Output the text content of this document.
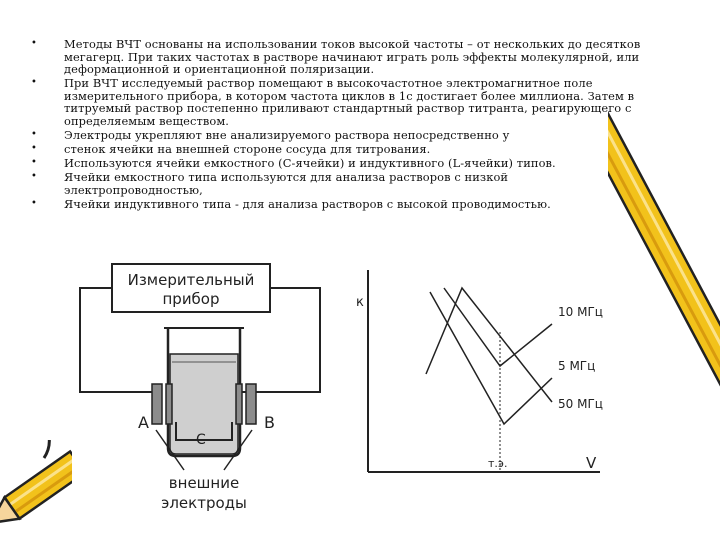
• Методы ВЧТ основаны на использовании токов высокой частоты – от нескольких до десятков мегагерц. При таких частотах в растворе начинают играть роль эффекты молекулярной, или деформационной и ориентационной поляризации.
• При ВЧТ исследуемый раствор помещают в высокочастотное электромагнитное поле измерительного прибора, в котором частота циклов в 1с достигает более миллиона. Затем в титруемый раствор постепенно приливают стандартный раствор титранта, реагирующего с определяемым веществом.
• Электроды укрепляют вне анализируемого раствора непосредственно у
• стенок ячейки на внешней стороне сосуда для титрования.
• Используются ячейки емкостного (С-ячейки) и индуктивного (L-ячейки) типов.
• Ячейки емкостного типа используются для анализа растворов с низкой электропроводностью,
• Ячейки индуктивного типа - для анализа растворов с высокой проводимостью.
Измерительный
прибор
A	B
С
внешние
электроды
к
V
т.э.
10 МГц
5 МГц
50 МГц
